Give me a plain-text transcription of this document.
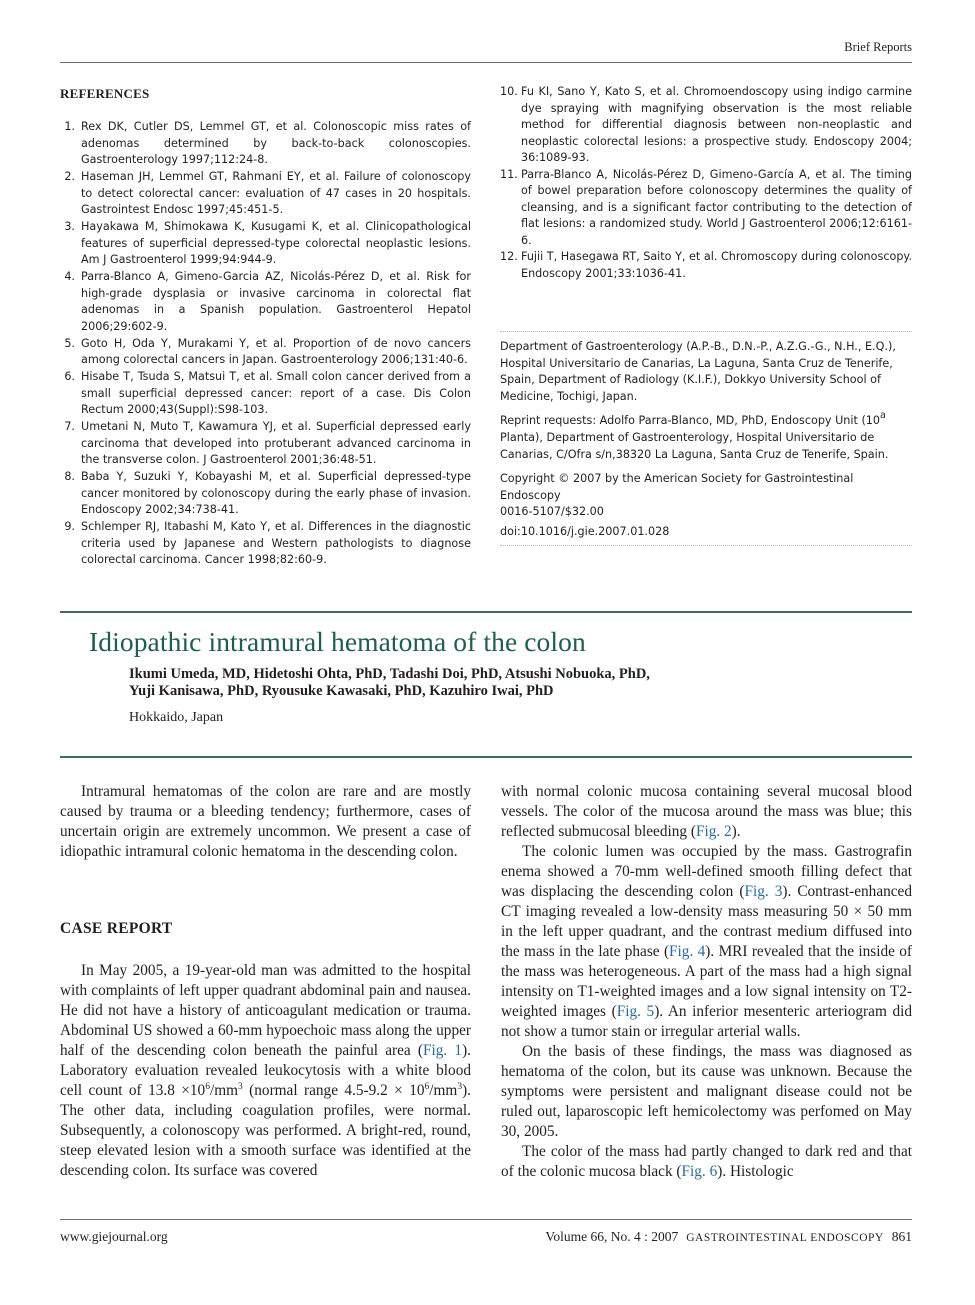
Brief Reports
REFERENCES
1. Rex DK, Cutler DS, Lemmel GT, et al. Colonoscopic miss rates of adenomas determined by back-to-back colonoscopies. Gastroenterology 1997;112:24-8.
2. Haseman JH, Lemmel GT, Rahmani EY, et al. Failure of colonoscopy to detect colorectal cancer: evaluation of 47 cases in 20 hospitals. Gastrointest Endosc 1997;45:451-5.
3. Hayakawa M, Shimokawa K, Kusugami K, et al. Clinicopathological features of superficial depressed-type colorectal neoplastic lesions. Am J Gastroenterol 1999;94:944-9.
4. Parra-Blanco A, Gimeno-Garcia AZ, Nicolás-Pérez D, et al. Risk for high-grade dysplasia or invasive carcinoma in colorectal flat adenomas in a Spanish population. Gastroenterol Hepatol 2006;29:602-9.
5. Goto H, Oda Y, Murakami Y, et al. Proportion of de novo cancers among colorectal cancers in Japan. Gastroenterology 2006;131:40-6.
6. Hisabe T, Tsuda S, Matsui T, et al. Small colon cancer derived from a small superficial depressed cancer: report of a case. Dis Colon Rectum 2000;43(Suppl):S98-103.
7. Umetani N, Muto T, Kawamura YJ, et al. Superficial depressed early carcinoma that developed into protuberant advanced carcinoma in the transverse colon. J Gastroenterol 2001;36:48-51.
8. Baba Y, Suzuki Y, Kobayashi M, et al. Superficial depressed-type cancer monitored by colonoscopy during the early phase of invasion. Endoscopy 2002;34:738-41.
9. Schlemper RJ, Itabashi M, Kato Y, et al. Differences in the diagnostic criteria used by Japanese and Western pathologists to diagnose colorectal carcinoma. Cancer 1998;82:60-9.
10. Fu KI, Sano Y, Kato S, et al. Chromoendoscopy using indigo carmine dye spraying with magnifying observation is the most reliable method for differential diagnosis between non-neoplastic and neoplastic colorectal lesions: a prospective study. Endoscopy 2004; 36:1089-93.
11. Parra-Blanco A, Nicolás-Pérez D, Gimeno-García A, et al. The timing of bowel preparation before colonoscopy determines the quality of cleansing, and is a significant factor contributing to the detection of flat lesions: a randomized study. World J Gastroenterol 2006;12:6161-6.
12. Fujii T, Hasegawa RT, Saito Y, et al. Chromoscopy during colonoscopy. Endoscopy 2001;33:1036-41.

Department of Gastroenterology (A.P.-B., D.N.-P., A.Z.G.-G., N.H., E.Q.), Hospital Universitario de Canarias, La Laguna, Santa Cruz de Tenerife, Spain, Department of Radiology (K.I.F.), Dokkyo University School of Medicine, Tochigi, Japan.

Reprint requests: Adolfo Parra-Blanco, MD, PhD, Endoscopy Unit (10$^a$ Planta), Department of Gastroenterology, Hospital Universitario de Canarias, C/Ofra s/n,38320 La Laguna, Santa Cruz de Tenerife, Spain.

Copyright © 2007 by the American Society for Gastrointestinal Endoscopy
0016-5107/$32.00

doi:10.1016/j.gie.2007.01.028

Idiopathic intramural hematoma of the colon
Ikumi Umeda, MD, Hidetoshi Ohta, PhD, Tadashi Doi, PhD, Atsushi Nobuoka, PhD,
Yuji Kanisawa, PhD, Ryousuke Kawasaki, PhD, Kazuhiro Iwai, PhD
Hokkaido, Japan

Intramural hematomas of the colon are rare and are mostly caused by trauma or a bleeding tendency; furthermore, cases of uncertain origin are extremely uncommon. We present a case of idiopathic intramural colonic hematoma in the descending colon.

CASE REPORT

In May 2005, a 19-year-old man was admitted to the hospital with complaints of left upper quadrant abdominal pain and nausea. He did not have a history of anticoagulant medication or trauma. Abdominal US showed a 60-mm hypoechoic mass along the upper half of the descending colon beneath the painful area (Fig. 1). Laboratory evaluation revealed leukocytosis with a white blood cell count of $13.8 \times 10^6/mm^3$ (normal range $4.5-9.2 \times 10^6/mm^3$). The other data, including coagulation profiles, were normal. Subsequently, a colonoscopy was performed. A bright-red, round, steep elevated lesion with a smooth surface was identified at the descending colon. Its surface was covered

with normal colonic mucosa containing several mucosal blood vessels. The color of the mucosa around the mass was blue; this reflected submucosal bleeding (Fig. 2).

The colonic lumen was occupied by the mass. Gastrografin enema showed a 70-mm well-defined smooth filling defect that was displacing the descending colon (Fig. 3). Contrast-enhanced CT imaging revealed a low-density mass measuring 50 × 50 mm in the left upper quadrant, and the contrast medium diffused into the mass in the late phase (Fig. 4). MRI revealed that the inside of the mass was heterogeneous. A part of the mass had a high signal intensity on T1-weighted images and a low signal intensity on T2-weighted images (Fig. 5). An inferior mesenteric arteriogram did not show a tumor stain or irregular arterial walls.

On the basis of these findings, the mass was diagnosed as hematoma of the colon, but its cause was unknown. Because the symptoms were persistent and malignant disease could not be ruled out, laparoscopic left hemicolectomy was perfomed on May 30, 2005.

The color of the mass had partly changed to dark red and that of the colonic mucosa black (Fig. 6). Histologic

www.giejournal.org	Volume 66, No. 4 : 2007 GASTROINTESTINAL ENDOSCOPY 861
